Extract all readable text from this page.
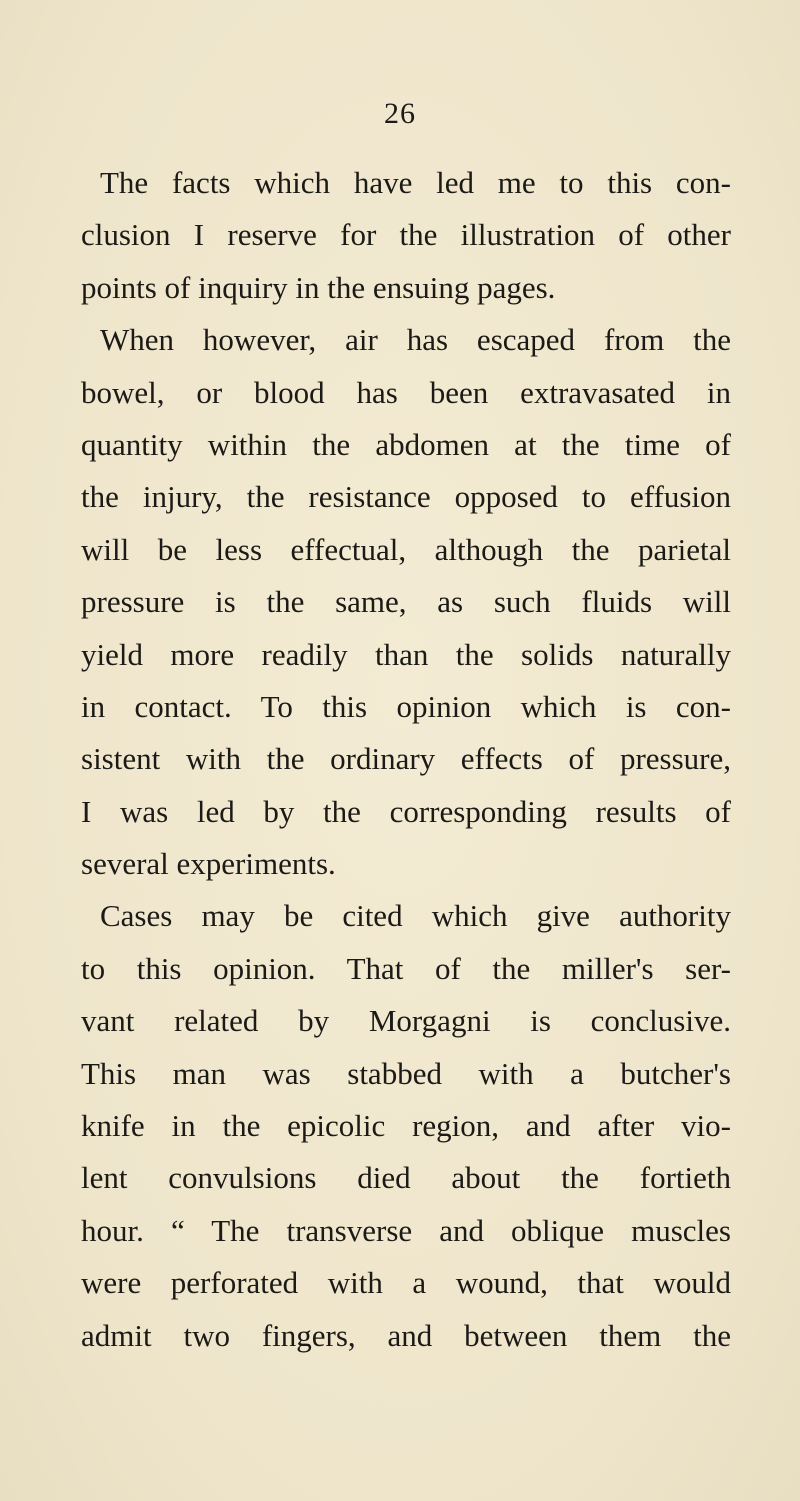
26
The facts which have led me to this con-
clusion I reserve for the illustration of other
points of inquiry in the ensuing pages.
When however, air has escaped from the
bowel, or blood has been extravasated in
quantity within the abdomen at the time of
the injury, the resistance opposed to effusion
will be less effectual, although the parietal
pressure is the same, as such fluids will
yield more readily than the solids naturally
in contact. To this opinion which is con-
sistent with the ordinary effects of pressure,
I was led by the corresponding results of
several experiments.
Cases may be cited which give authority
to this opinion. That of the miller's ser-
vant related by Morgagni is conclusive.
This man was stabbed with a butcher's
knife in the epicolic region, and after vio-
lent convulsions died about the fortieth
hour. “ The transverse and oblique muscles
were perforated with a wound, that would
admit two fingers, and between them the
